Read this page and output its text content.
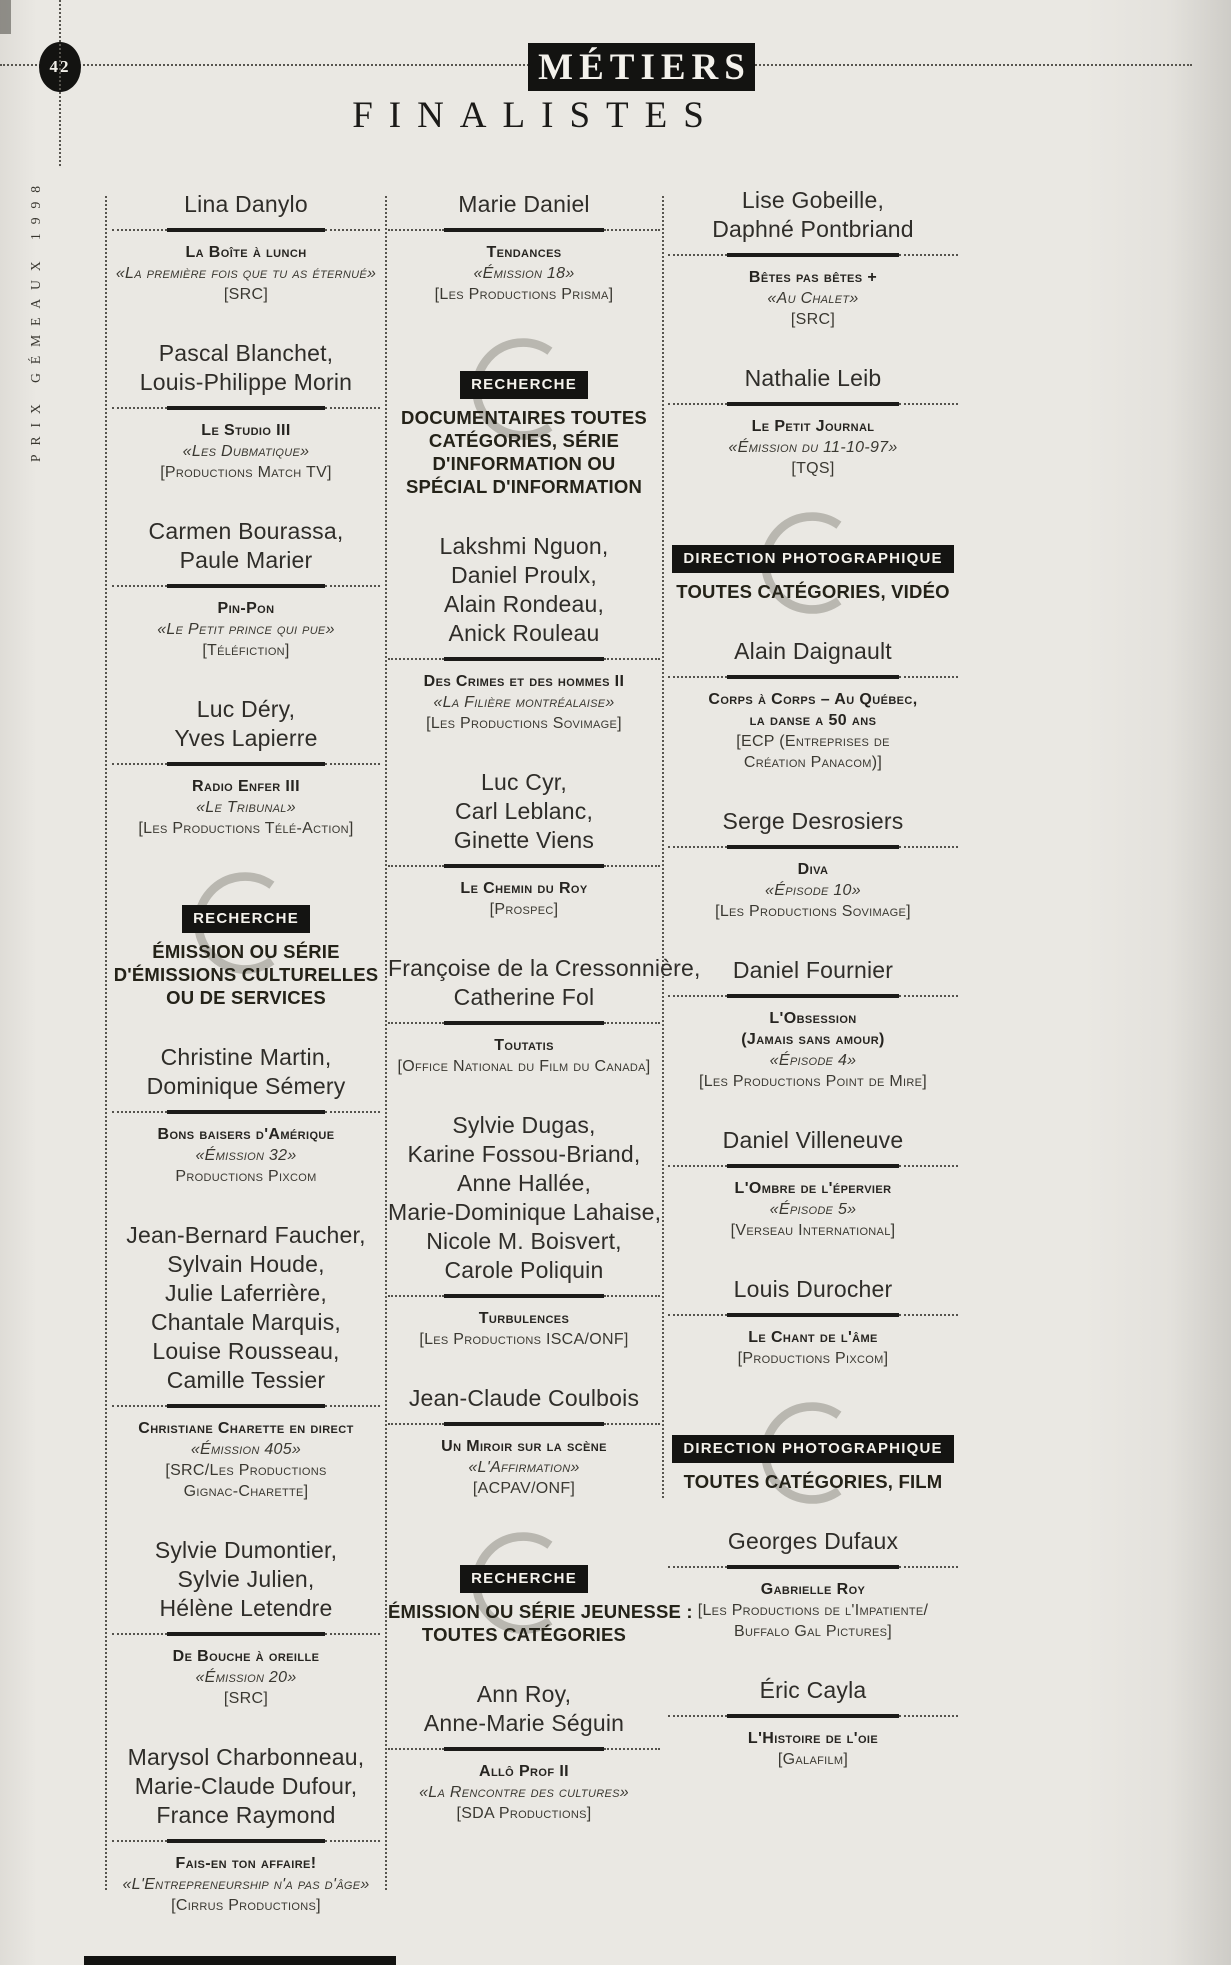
42	MÉTIERS
FINALISTES
PRIX GÉMEAUX 1998	Lina Danylo
La Boîte à lunch
«La première fois que tu as éternué»
[SRC]
Pascal Blanchet,
Louis-Philippe Morin
Le Studio III
«Les Dubmatique»
[Productions Match TV]
Carmen Bourassa,
Paule Marier
Pin-Pon
«Le Petit prince qui pue»
[Téléfiction]
Luc Déry,
Yves Lapierre
Radio Enfer III
«Le Tribunal»
[Les Productions Télé-Action]
RECHERCHE
ÉMISSION OU SÉRIE
D'ÉMISSIONS CULTURELLES
OU DE SERVICES
Christine Martin,
Dominique Sémery
Bons baisers d'Amérique
«Émission 32»
Productions Pixcom
Jean-Bernard Faucher,
Sylvain Houde,
Julie Laferrière,
Chantale Marquis,
Louise Rousseau,
Camille Tessier
Christiane Charette en direct
«Émission 405»
[SRC/Les Productions
Gignac-Charette]
Sylvie Dumontier,
Sylvie Julien,
Hélène Letendre
De Bouche à oreille
«Émission 20»
[SRC]
Marysol Charbonneau,
Marie-Claude Dufour,
France Raymond
Fais-en ton affaire!
«L'Entrepreneurship n'a pas d'âge»
[Cirrus Productions]
Marie Daniel
Tendances
«Émission 18»
[Les Productions Prisma]
RECHERCHE
DOCUMENTAIRES TOUTES
CATÉGORIES, SÉRIE
D'INFORMATION OU
SPÉCIAL D'INFORMATION
Lakshmi Nguon,
Daniel Proulx,
Alain Rondeau,
Anick Rouleau
Des Crimes et des hommes II
«La Filière montréalaise»
[Les Productions Sovimage]
Luc Cyr,
Carl Leblanc,
Ginette Viens
Le Chemin du Roy
[Prospec]
Françoise de la Cressonnière,
Catherine Fol
Toutatis
[Office National du Film du Canada]
Sylvie Dugas,
Karine Fossou-Briand,
Anne Hallée,
Marie-Dominique Lahaise,
Nicole M. Boisvert,
Carole Poliquin
Turbulences
[Les Productions ISCA/ONF]
Jean-Claude Coulbois
Un Miroir sur la scène
«L'Affirmation»
[ACPAV/ONF]
RECHERCHE
ÉMISSION OU SÉRIE JEUNESSE :
TOUTES CATÉGORIES
Ann Roy,
Anne-Marie Séguin
Allô Prof II
«La Rencontre des cultures»
[SDA Productions]
Lise Gobeille,
Daphné Pontbriand
Bêtes pas bêtes +
«Au Chalet»
[SRC]
Nathalie Leib
Le Petit Journal
«Émission du 11-10-97»
[TQS]
DIRECTION PHOTOGRAPHIQUE
TOUTES CATÉGORIES, VIDÉO
Alain Daignault
Corps à Corps – Au Québec,
la danse a 50 ans
[ECP (Entreprises de
Création Panacom)]
Serge Desrosiers
Diva
«Épisode 10»
[Les Productions Sovimage]
Daniel Fournier
L'Obsession
(Jamais sans amour)
«Épisode 4»
[Les Productions Point de Mire]
Daniel Villeneuve
L'Ombre de l'épervier
«Épisode 5»
[Verseau International]
Louis Durocher
Le Chant de l'âme
[Productions Pixcom]
DIRECTION PHOTOGRAPHIQUE
TOUTES CATÉGORIES, FILM
Georges Dufaux
Gabrielle Roy
[Les Productions de l'Impatiente/
Buffalo Gal Pictures]
Éric Cayla
L'Histoire de l'oie
[Galafilm]
